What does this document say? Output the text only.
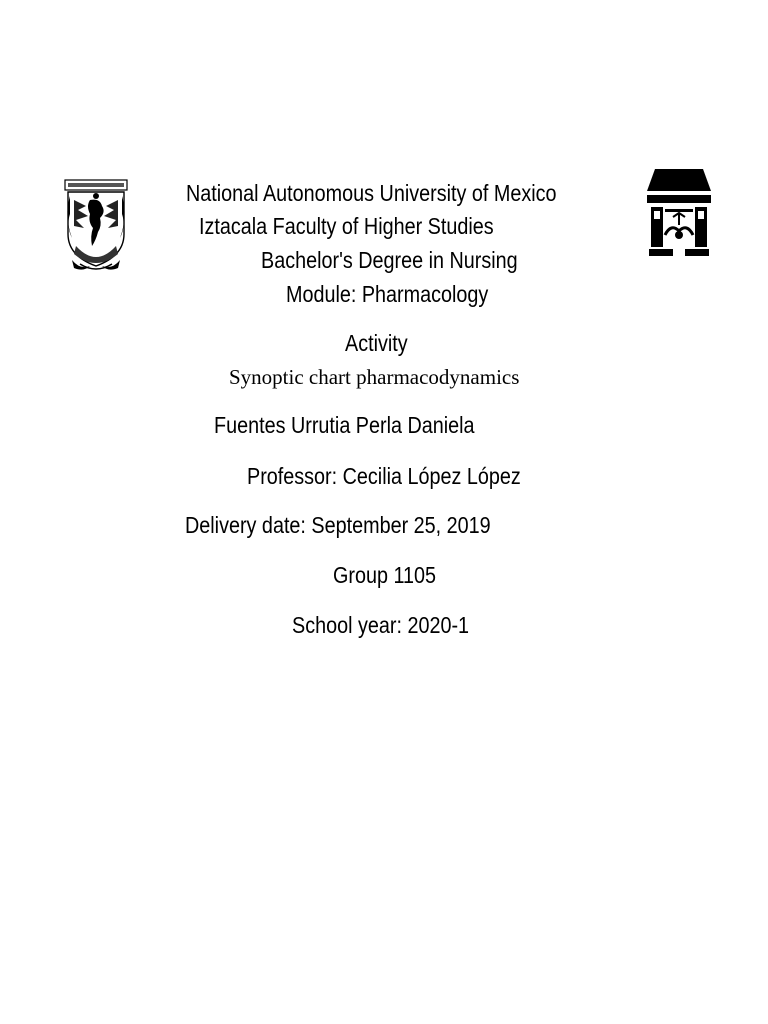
National Autonomous University of Mexico
Iztacala Faculty of Higher Studies
Bachelor's Degree in Nursing
Module: Pharmacology
Activity
Synoptic chart pharmacodynamics
Fuentes Urrutia Perla Daniela
Professor: Cecilia López López
Delivery date: September 25, 2019
Group 1105
School year: 2020-1
